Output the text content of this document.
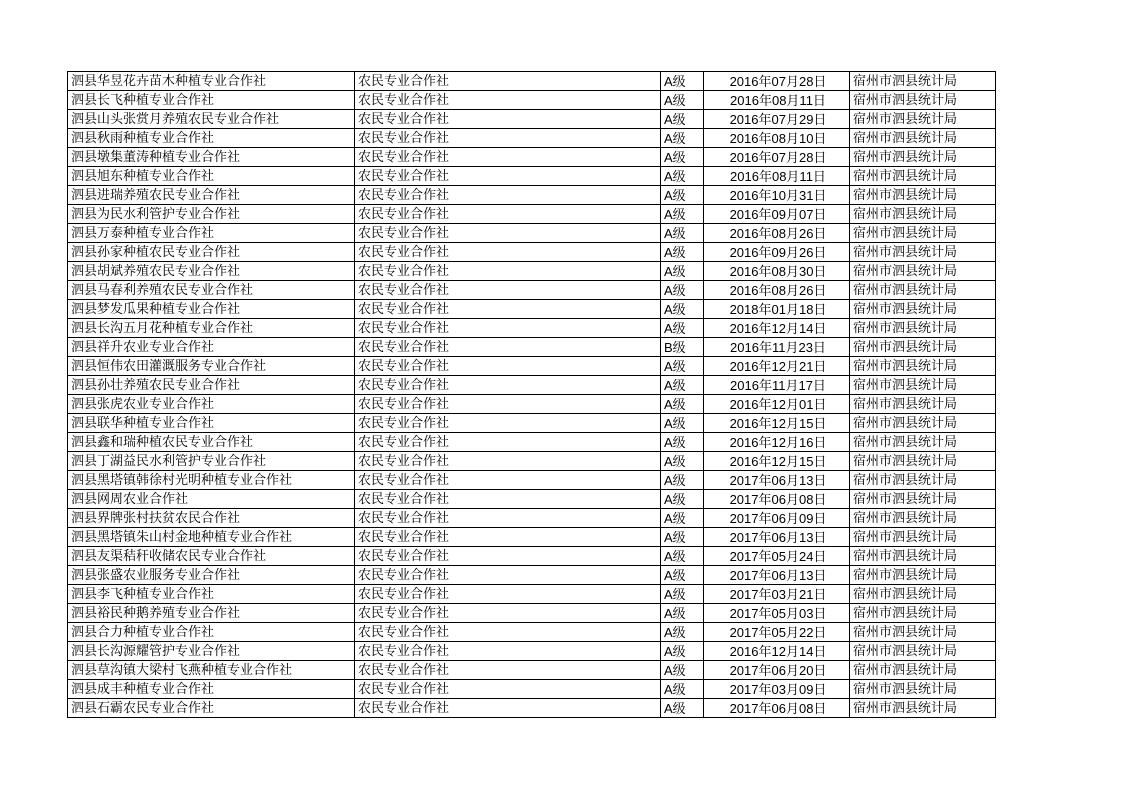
泗县华昱花卉苗木种植专业合作社	农民专业合作社	A级	2016年07月28日	宿州市泗县统计局
泗县长飞种植专业合作社	农民专业合作社	A级	2016年08月11日	宿州市泗县统计局
泗县山头张赏月养殖农民专业合作社	农民专业合作社	A级	2016年07月29日	宿州市泗县统计局
泗县秋雨种植专业合作社	农民专业合作社	A级	2016年08月10日	宿州市泗县统计局
泗县墩集董涛种植专业合作社	农民专业合作社	A级	2016年07月28日	宿州市泗县统计局
泗县旭东种植专业合作社	农民专业合作社	A级	2016年08月11日	宿州市泗县统计局
泗县进瑞养殖农民专业合作社	农民专业合作社	A级	2016年10月31日	宿州市泗县统计局
泗县为民水利管护专业合作社	农民专业合作社	A级	2016年09月07日	宿州市泗县统计局
泗县万泰种植专业合作社	农民专业合作社	A级	2016年08月26日	宿州市泗县统计局
泗县孙家种植农民专业合作社	农民专业合作社	A级	2016年09月26日	宿州市泗县统计局
泗县胡斌养殖农民专业合作社	农民专业合作社	A级	2016年08月30日	宿州市泗县统计局
泗县马春利养殖农民专业合作社	农民专业合作社	A级	2016年08月26日	宿州市泗县统计局
泗县梦发瓜果种植专业合作社	农民专业合作社	A级	2018年01月18日	宿州市泗县统计局
泗县长沟五月花种植专业合作社	农民专业合作社	A级	2016年12月14日	宿州市泗县统计局
泗县祥升农业专业合作社	农民专业合作社	B级	2016年11月23日	宿州市泗县统计局
泗县恒伟农田灌溉服务专业合作社	农民专业合作社	A级	2016年12月21日	宿州市泗县统计局
泗县孙壮养殖农民专业合作社	农民专业合作社	A级	2016年11月17日	宿州市泗县统计局
泗县张虎农业专业合作社	农民专业合作社	A级	2016年12月01日	宿州市泗县统计局
泗县联华种植专业合作社	农民专业合作社	A级	2016年12月15日	宿州市泗县统计局
泗县鑫和瑞种植农民专业合作社	农民专业合作社	A级	2016年12月16日	宿州市泗县统计局
泗县丁湖益民水利管护专业合作社	农民专业合作社	A级	2016年12月15日	宿州市泗县统计局
泗县黑塔镇韩徐村光明种植专业合作社	农民专业合作社	A级	2017年06月13日	宿州市泗县统计局
泗县网周农业合作社	农民专业合作社	A级	2017年06月08日	宿州市泗县统计局
泗县界牌张村扶贫农民合作社	农民专业合作社	A级	2017年06月09日	宿州市泗县统计局
泗县黑塔镇朱山村金地种植专业合作社	农民专业合作社	A级	2017年06月13日	宿州市泗县统计局
泗县友渠秸秆收储农民专业合作社	农民专业合作社	A级	2017年05月24日	宿州市泗县统计局
泗县张盛农业服务专业合作社	农民专业合作社	A级	2017年06月13日	宿州市泗县统计局
泗县李飞种植专业合作社	农民专业合作社	A级	2017年03月21日	宿州市泗县统计局
泗县裕民种鹅养殖专业合作社	农民专业合作社	A级	2017年05月03日	宿州市泗县统计局
泗县合力种植专业合作社	农民专业合作社	A级	2017年05月22日	宿州市泗县统计局
泗县长沟源耀管护专业合作社	农民专业合作社	A级	2016年12月14日	宿州市泗县统计局
泗县草沟镇大梁村飞燕种植专业合作社	农民专业合作社	A级	2017年06月20日	宿州市泗县统计局
泗县成丰种植专业合作社	农民专业合作社	A级	2017年03月09日	宿州市泗县统计局
泗县石霸农民专业合作社	农民专业合作社	A级	2017年06月08日	宿州市泗县统计局
